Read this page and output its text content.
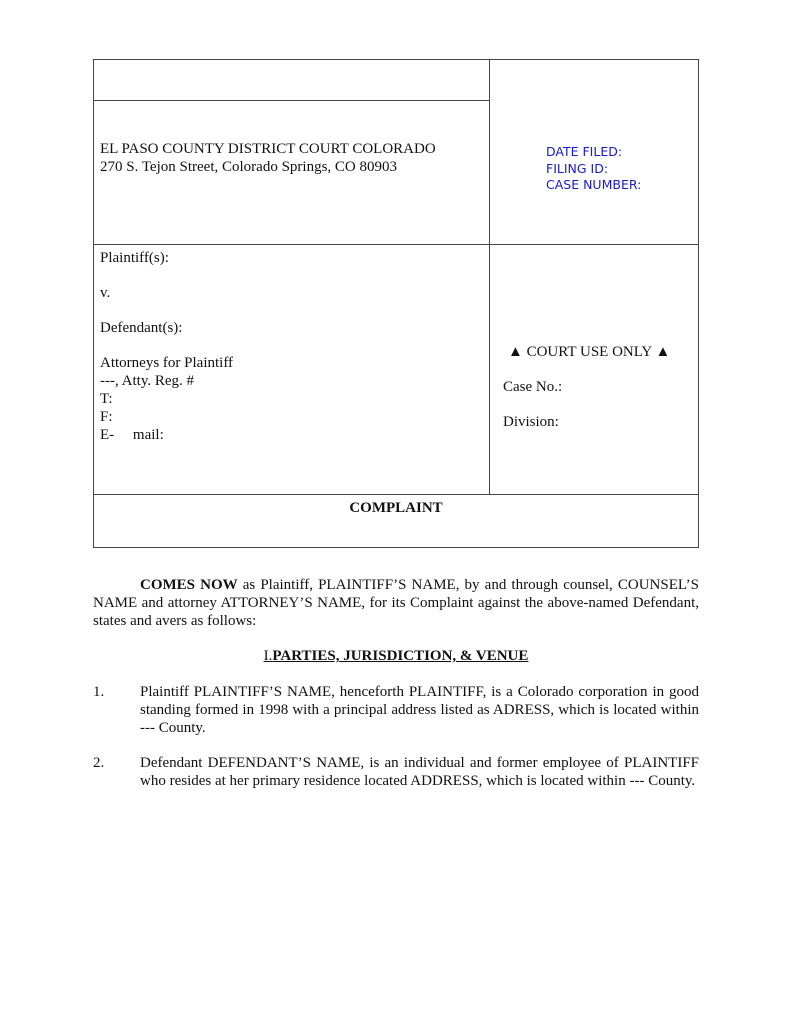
EL PASO COUNTY DISTRICT COURT COLORADO
270 S. Tejon Street, Colorado Springs, CO 80903
DATE FILED:
FILING ID:
CASE NUMBER:
Plaintiff(s):
v.
Defendant(s):
Attorneys for Plaintiff
---, Atty. Reg. #
T:
F:
E-     mail:
▲ COURT USE ONLY ▲
Case No.:
Division:
COMPLAINT
COMES NOW as Plaintiff, PLAINTIFF’S NAME, by and through counsel, COUNSEL’S NAME and attorney ATTORNEY’S NAME, for its Complaint against the above-named Defendant, states and avers as follows:
I.PARTIES, JURISDICTION, & VENUE
1. Plaintiff PLAINTIFF’S NAME, henceforth PLAINTIFF, is a Colorado corporation in good standing formed in 1998 with a principal address listed as ADRESS, which is located within --- County.
2. Defendant DEFENDANT’S NAME, is an individual and former employee of PLAINTIFF who resides at her primary residence located ADDRESS, which is located within --- County.
